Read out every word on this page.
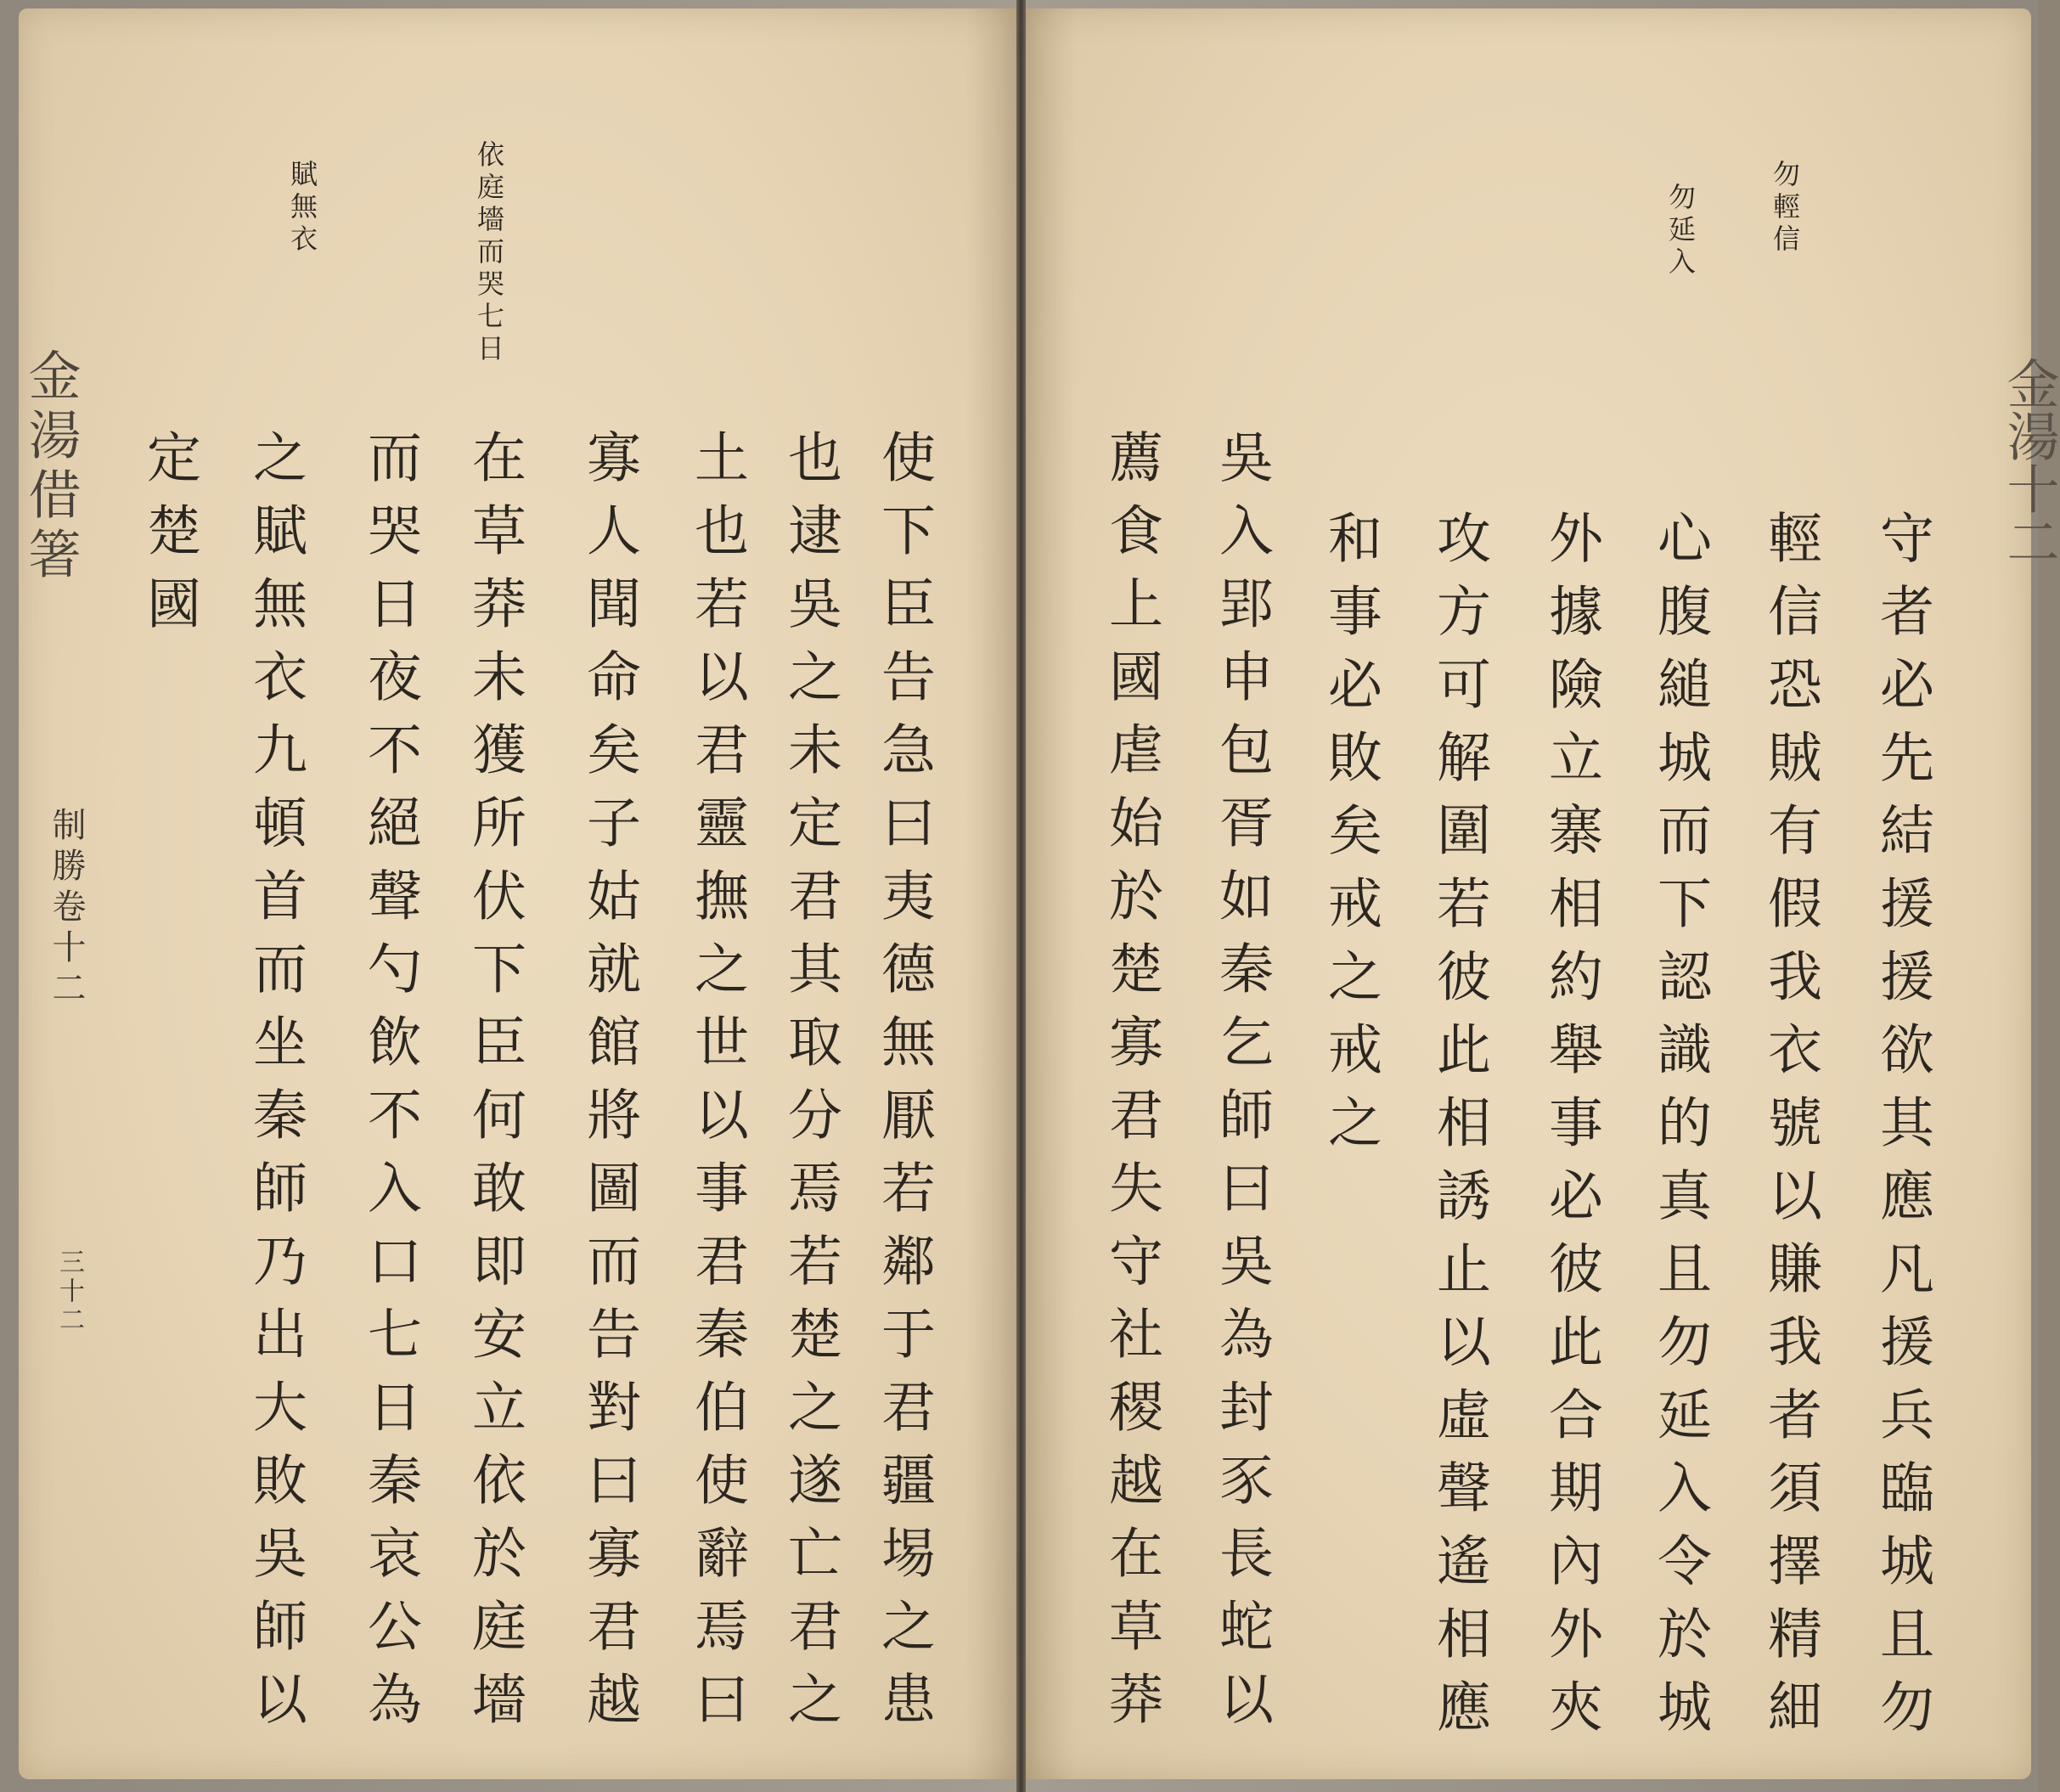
依庭墻而哭七日
賦無衣
使下臣告急曰夷德無厭若鄰于君疆埸之患
也逮吳之未定君其取分焉若楚之遂亡君之
土也若以君靈撫之世以事君秦伯使辭焉曰
寡人聞命矣子姑就館將圖而告對曰寡君越
在草莽未獲所伏下臣何敢即安立依於庭墻
而哭日夜不絕聲勺飲不入口七日秦哀公為
之賦無衣九頓首而坐秦師乃出大敗吳師以
定楚國
金湯借箸
制勝卷十二
三十二
勿輕信
勿延入
守者必先結援援欲其應凡援兵臨城且勿
輕信恐賊有假我衣號以賺我者須擇精細
心腹縋城而下認識的真且勿延入令於城
外據險立寨相約舉事必彼此合期內外夾
攻方可解圍若彼此相誘止以虛聲遙相應
和事必敗矣戒之戒之
吳入郢申包胥如秦乞師曰吳為封豕長蛇以
薦食上國虐始於楚寡君失守社稷越在草莽	金湯十二
